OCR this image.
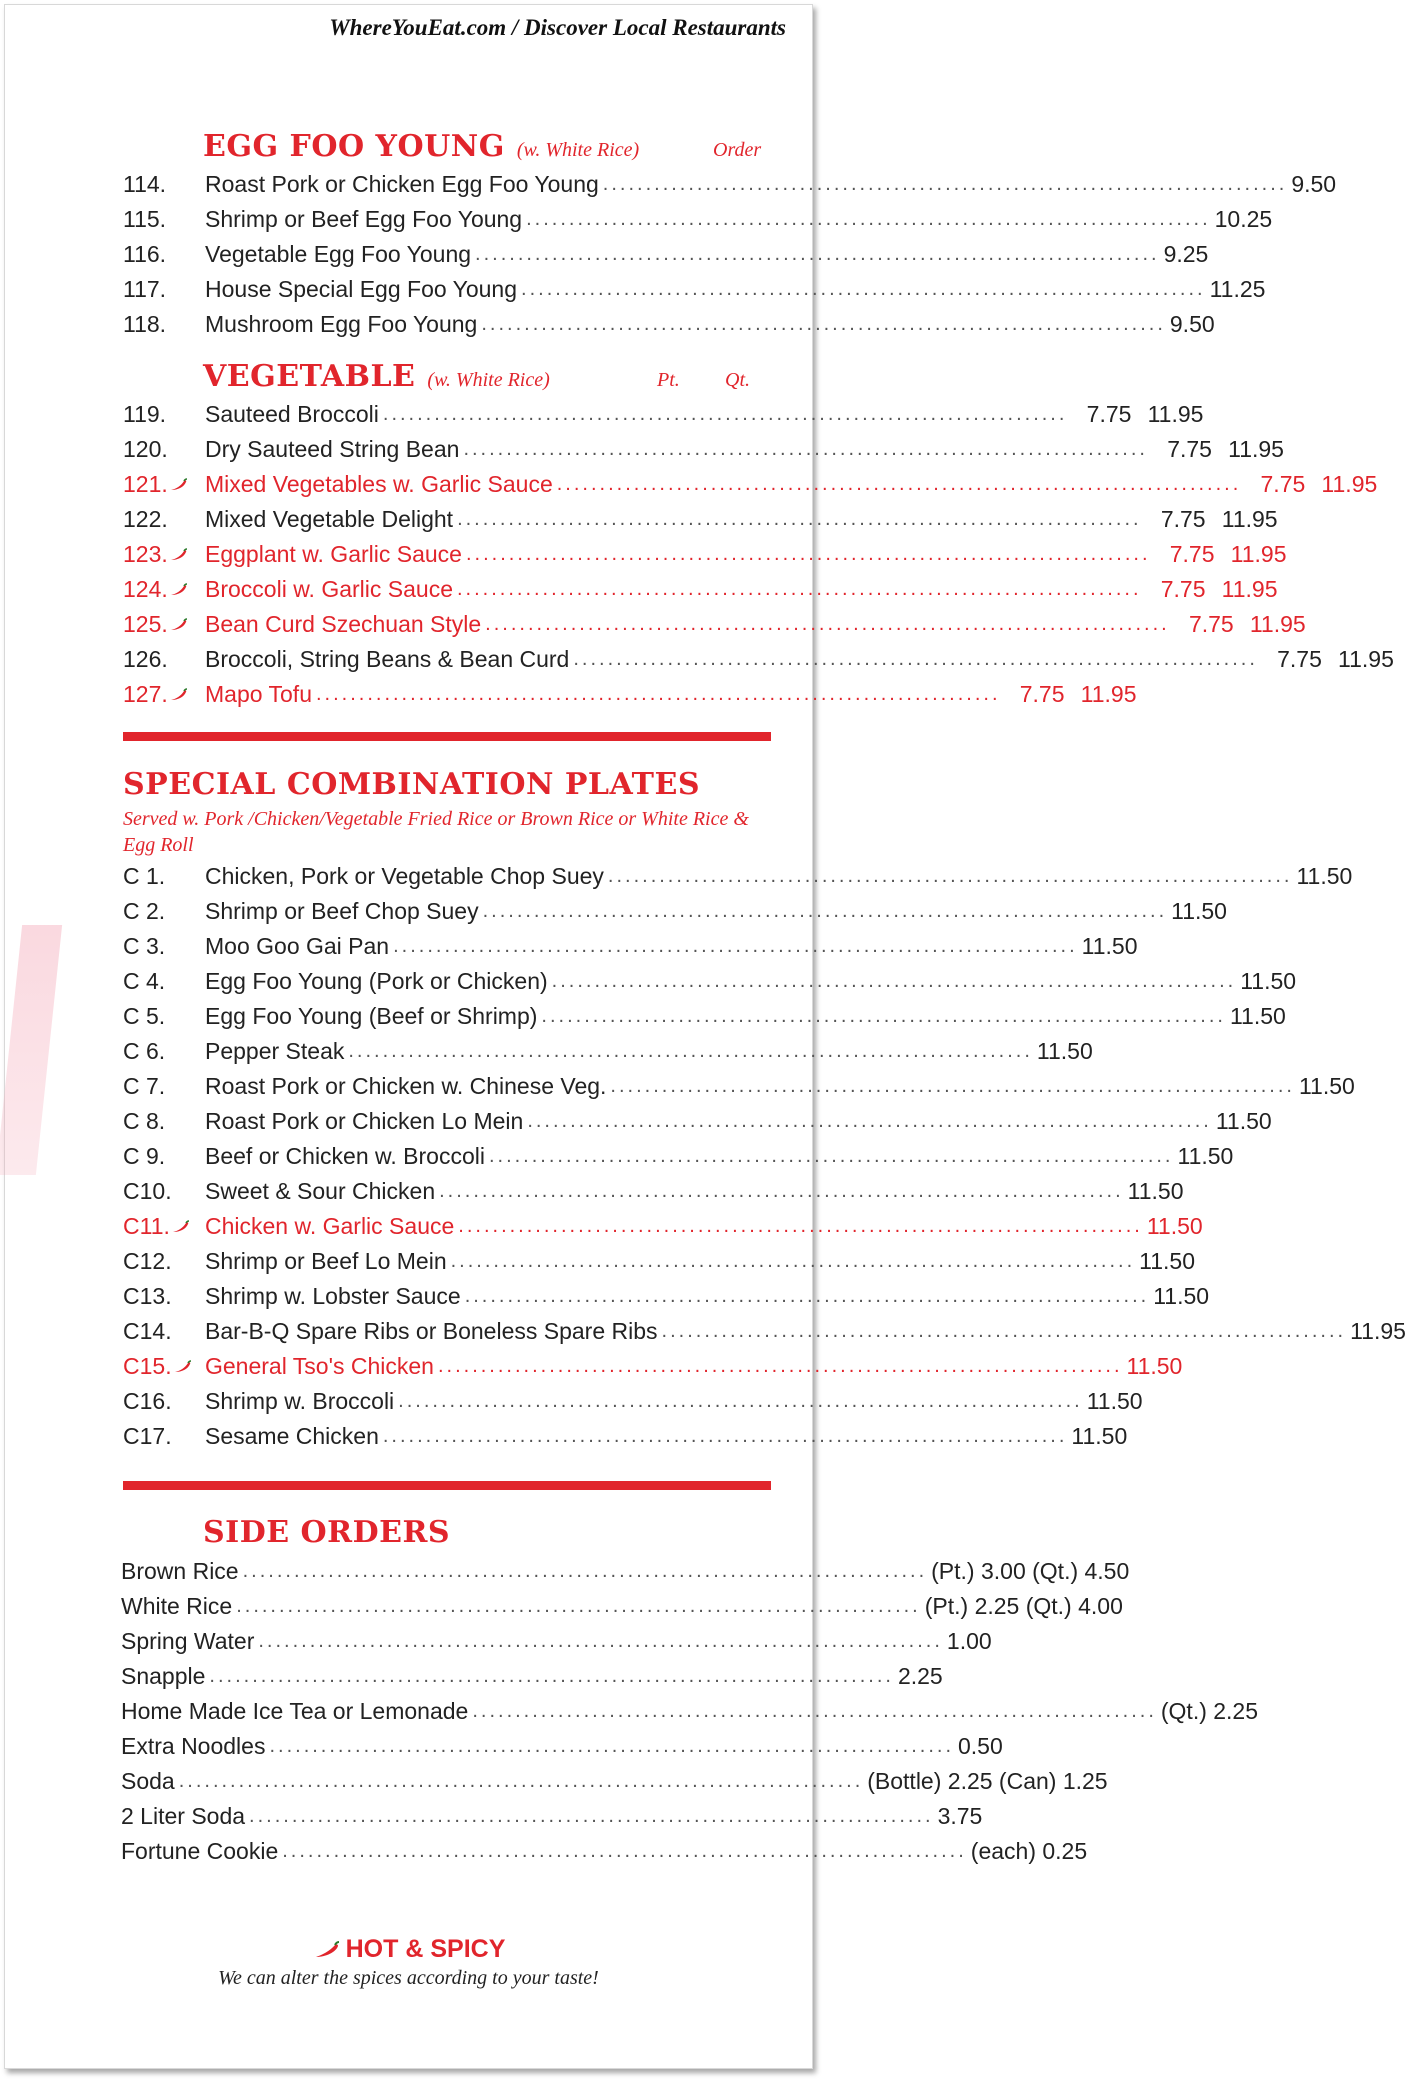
WhereYouEat.com / Discover Local Restaurants
EGG FOO YOUNG (w. White Rice)	Order
114.	Roast Pork or Chicken Egg Foo Young ................................................................................ 9.50
115.	Shrimp or Beef Egg Foo Young ................................................................................ 10.25
116.	Vegetable Egg Foo Young ................................................................................ 9.25
117.	House Special Egg Foo Young ................................................................................ 11.25
118.	Mushroom Egg Foo Young ................................................................................ 9.50
VEGETABLE (w. White Rice)	Pt. Qt.
119.	Sauteed Broccoli ................................................................................ 7.75 11.95
120.	Dry Sauteed String Bean ................................................................................ 7.75 11.95
121.	Mixed Vegetables w. Garlic Sauce ................................................................................ 7.75 11.95
122.	Mixed Vegetable Delight ................................................................................ 7.75 11.95
123.	Eggplant w. Garlic Sauce ................................................................................ 7.75 11.95
124.	Broccoli w. Garlic Sauce ................................................................................ 7.75 11.95
125.	Bean Curd Szechuan Style ................................................................................ 7.75 11.95
126.	Broccoli, String Beans & Bean Curd ................................................................................ 7.75 11.95
127.	Mapo Tofu ................................................................................ 7.75 11.95
SPECIAL COMBINATION PLATES
Served w. Pork /Chicken/Vegetable Fried Rice or Brown Rice or White Rice & Egg Roll
C 1.	Chicken, Pork or Vegetable Chop Suey ................................................................................ 11.50
C 2.	Shrimp or Beef Chop Suey ................................................................................ 11.50
C 3.	Moo Goo Gai Pan ................................................................................ 11.50
C 4.	Egg Foo Young (Pork or Chicken) ................................................................................ 11.50
C 5.	Egg Foo Young (Beef or Shrimp) ................................................................................ 11.50
C 6.	Pepper Steak ................................................................................ 11.50
C 7.	Roast Pork or Chicken w. Chinese Veg. ................................................................................ 11.50
C 8.	Roast Pork or Chicken Lo Mein ................................................................................ 11.50
C 9.	Beef or Chicken w. Broccoli ................................................................................ 11.50
C10.	Sweet & Sour Chicken ................................................................................ 11.50
C11.	Chicken w. Garlic Sauce ................................................................................ 11.50
C12.	Shrimp or Beef Lo Mein ................................................................................ 11.50
C13.	Shrimp w. Lobster Sauce ................................................................................ 11.50
C14.	Bar-B-Q Spare Ribs or Boneless Spare Ribs ................................................................................ 11.95
C15.	General Tso's Chicken ................................................................................ 11.50
C16.	Shrimp w. Broccoli ................................................................................ 11.50
C17.	Sesame Chicken ................................................................................ 11.50
SIDE ORDERS
Brown Rice ................................................................................ (Pt.) 3.00 (Qt.) 4.50
White Rice ................................................................................ (Pt.) 2.25 (Qt.) 4.00
Spring Water ................................................................................ 1.00
Snapple ................................................................................ 2.25
Home Made Ice Tea or Lemonade ................................................................................ (Qt.) 2.25
Extra Noodles ................................................................................ 0.50
Soda ................................................................................ (Bottle) 2.25 (Can) 1.25
2 Liter Soda ................................................................................ 3.75
Fortune Cookie ................................................................................ (each) 0.25
HOT & SPICY
We can alter the spices according to your taste!
